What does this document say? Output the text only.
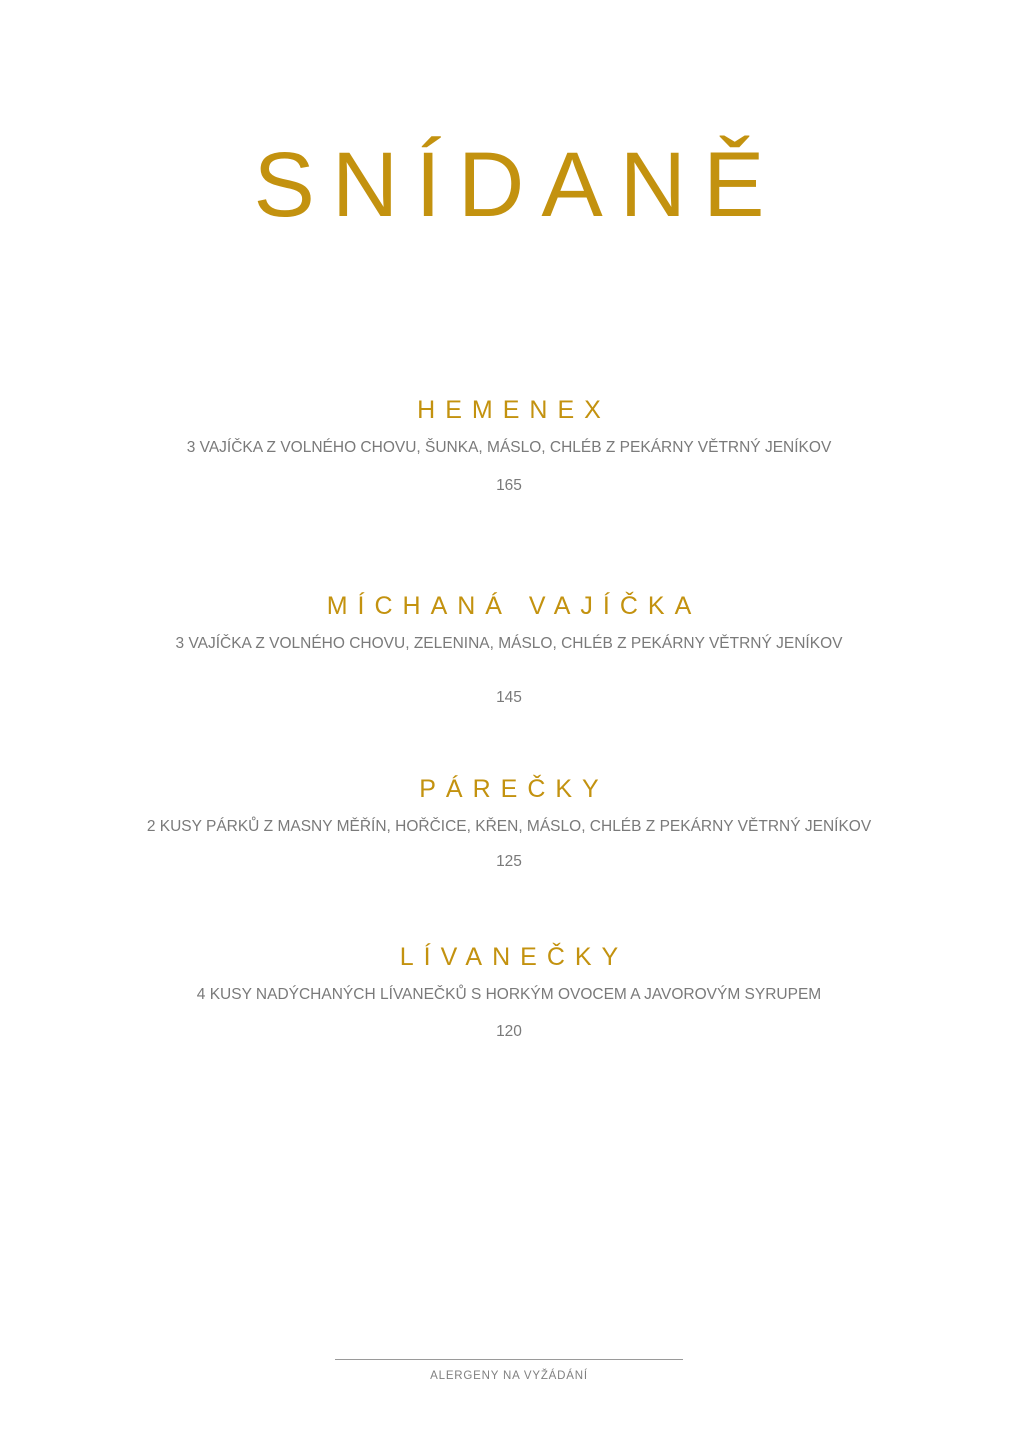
SNÍDANĚ

HEMENEX

3 VAJÍČKA Z VOLNÉHO CHOVU, ŠUNKA, MÁSLO, CHLÉB Z PEKÁRNY VĚTRNÝ JENÍKOV

165

MÍCHANÁ VAJÍČKA

3 VAJÍČKA Z VOLNÉHO CHOVU, ZELENINA, MÁSLO, CHLÉB Z PEKÁRNY VĚTRNÝ JENÍKOV

145

PÁREČKY

2 KUSY PÁRKŮ Z MASNY MĚŘÍN, HOŘČICE, KŘEN, MÁSLO, CHLÉB Z PEKÁRNY VĚTRNÝ JENÍKOV

125

LÍVANEČKY

4 KUSY NADÝCHANÝCH LÍVANEČKŮ S HORKÝM OVOCEM A JAVOROVÝM SYRUPEM

120

ALERGENY NA VYŽÁDÁNÍ
